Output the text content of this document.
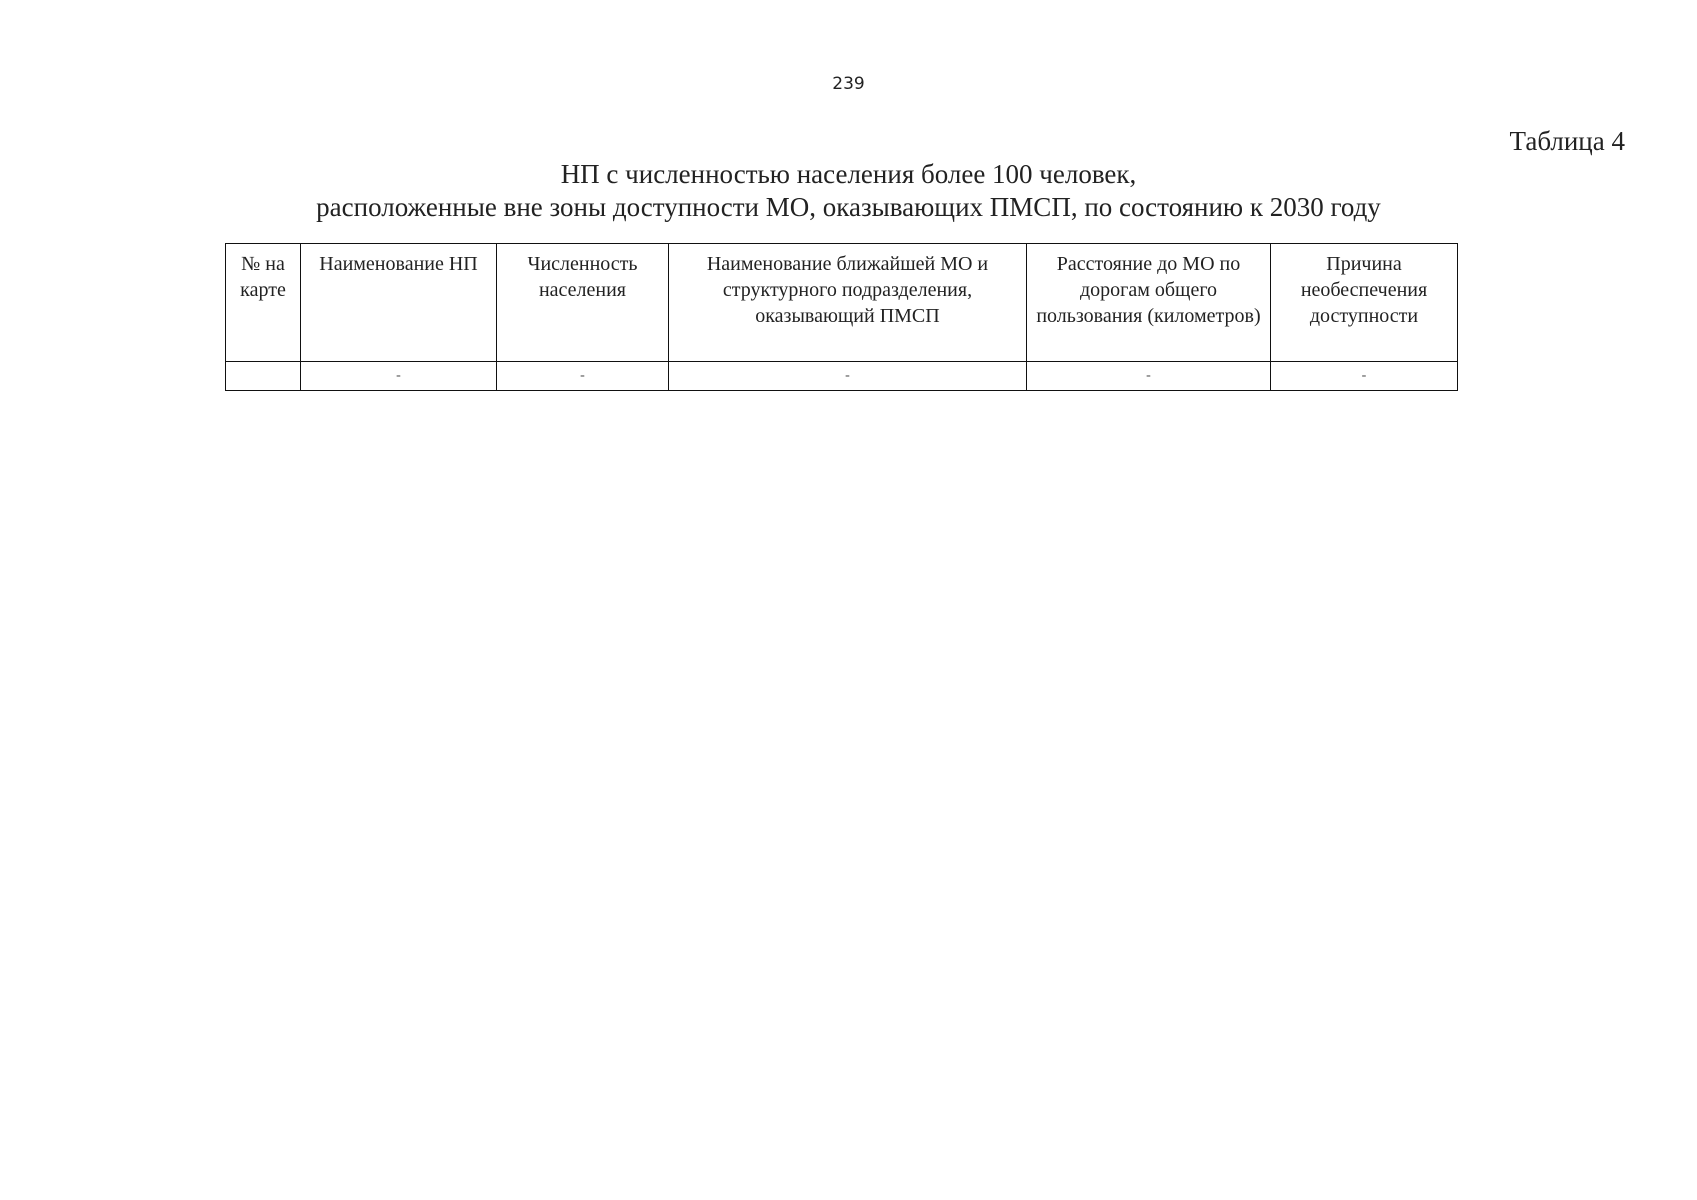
239
Таблица 4
НП с численностью населения более 100 человек,
расположенные вне зоны доступности МО, оказывающих ПМСП, по состоянию к 2030 году
№ на карте	Наименование НП	Численность населения	Наименование ближайшей МО и структурного подразделения, оказывающий ПМСП	Расстояние до МО по дорогам общего пользования (километров)	Причина необеспечения доступности
	-	-	-	-	-
